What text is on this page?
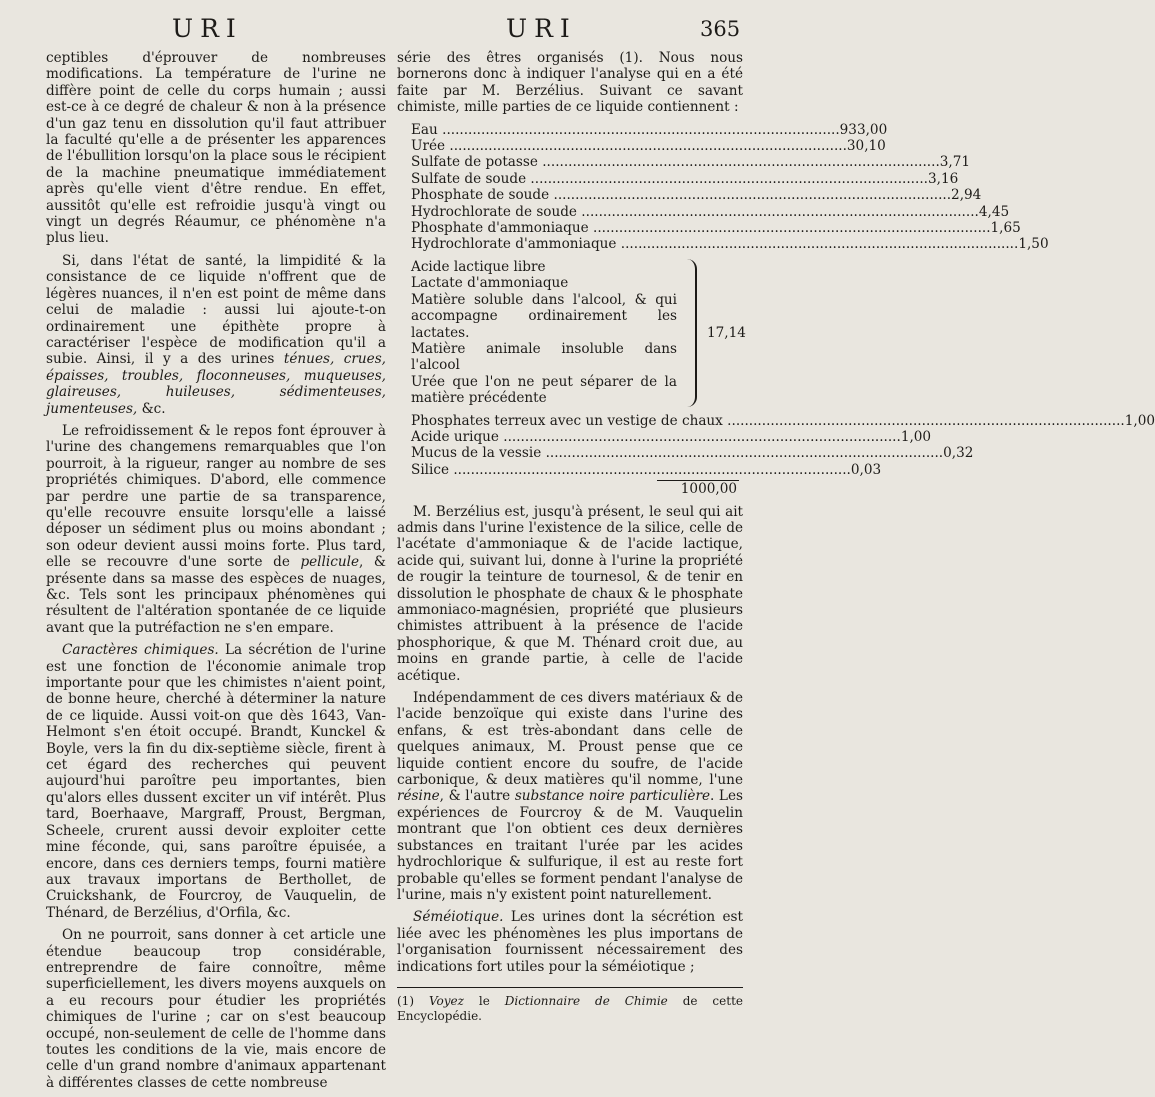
URI	URI	365

ceptibles d'éprouver de nombreuses modifications. La température de l'urine ne diffère point de celle du corps humain ; aussi est-ce à ce degré de chaleur & non à la présence d'un gaz tenu en dissolution qu'il faut attribuer la faculté qu'elle a de présenter les apparences de l'ébullition lorsqu'on la place sous le récipient de la machine pneumatique immédiatement après qu'elle vient d'être rendue. En effet, aussitôt qu'elle est refroidie jusqu'à vingt ou vingt un degrés Réaumur, ce phénomène n'a plus lieu.

Si, dans l'état de santé, la limpidité & la consistance de ce liquide n'offrent que de légères nuances, il n'en est point de même dans celui de maladie : aussi lui ajoute-t-on ordinairement une épithète propre à caractériser l'espèce de modification qu'il a subie. Ainsi, il y a des urines ténues, crues, épaisses, troubles, floconneuses, muqueuses, glaireuses, huileuses, sédimenteuses, jumenteuses, &c.

Le refroidissement & le repos font éprouver à l'urine des changemens remarquables que l'on pourroit, à la rigueur, ranger au nombre de ses propriétés chimiques. D'abord, elle commence par perdre une partie de sa transparence, qu'elle recouvre ensuite lorsqu'elle a laissé déposer un sédiment plus ou moins abondant ; son odeur devient aussi moins forte. Plus tard, elle se recouvre d'une sorte de pellicule, & présente dans sa masse des espèces de nuages, &c. Tels sont les principaux phénomènes qui résultent de l'altération spontanée de ce liquide avant que la putréfaction ne s'en empare.

Caractères chimiques. La sécrétion de l'urine est une fonction de l'économie animale trop importante pour que les chimistes n'aient point, de bonne heure, cherché à déterminer la nature de ce liquide. Aussi voit-on que dès 1643, Van-Helmont s'en étoit occupé. Brandt, Kunckel & Boyle, vers la fin du dix-septième siècle, firent à cet égard des recherches qui peuvent aujourd'hui paroître peu importantes, bien qu'alors elles dussent exciter un vif intérêt. Plus tard, Boerhaave, Margraff, Proust, Bergman, Scheele, crurent aussi devoir exploiter cette mine féconde, qui, sans paroître épuisée, a encore, dans ces derniers temps, fourni matière aux travaux importans de Berthollet, de Cruickshank, de Fourcroy, de Vauquelin, de Thénard, de Berzélius, d'Orfila, &c.

On ne pourroit, sans donner à cet article une étendue beaucoup trop considérable, entreprendre de faire connoître, même superficiellement, les divers moyens auxquels on a eu recours pour étudier les propriétés chimiques de l'urine ; car on s'est beaucoup occupé, non-seulement de celle de l'homme dans toutes les conditions de la vie, mais encore de celle d'un grand nombre d'animaux appartenant à différentes classes de cette nombreuse

série des êtres organisés (1). Nous nous bornerons donc à indiquer l'analyse qui en a été faite par M. Berzélius. Suivant ce savant chimiste, mille parties de ce liquide contiennent :

Eau .....	933,00
Urée .....	30,10
Sulfate de potasse .....	3,71
Sulfate de soude .....	3,16
Phosphate de soude .....	2,94
Hydrochlorate de soude .....	4,45
Phosphate d'ammoniaque .....	1,65
Hydrochlorate d'ammoniaque .....	1,50
Acide lactique libre
Lactate d'ammoniaque
Matière soluble dans l'alcool, & qui accompagne ordinairement les lactates.
Matière animale insoluble dans l'alcool
Urée que l'on ne peut séparer de la matière précédente
17,14
Phosphates terreux avec un vestige de chaux .....	1,00
Acide urique .....	1,00
Mucus de la vessie .....	0,32
Silice .....	0,03
1000,00

M. Berzélius est, jusqu'à présent, le seul qui ait admis dans l'urine l'existence de la silice, celle de l'acétate d'ammoniaque & de l'acide lactique, acide qui, suivant lui, donne à l'urine la propriété de rougir la teinture de tournesol, & de tenir en dissolution le phosphate de chaux & le phosphate ammoniaco-magnésien, propriété que plusieurs chimistes attribuent à la présence de l'acide phosphorique, & que M. Thénard croit due, au moins en grande partie, à celle de l'acide acétique.

Indépendamment de ces divers matériaux & de l'acide benzoïque qui existe dans l'urine des enfans, & est très-abondant dans celle de quelques animaux, M. Proust pense que ce liquide contient encore du soufre, de l'acide carbonique, & deux matières qu'il nomme, l'une résine, & l'autre substance noire particulière. Les expériences de Fourcroy & de M. Vauquelin montrant que l'on obtient ces deux dernières substances en traitant l'urée par les acides hydrochlorique & sulfurique, il est au reste fort probable qu'elles se forment pendant l'analyse de l'urine, mais n'y existent point naturellement.

Séméiotique. Les urines dont la sécrétion est liée avec les phénomènes les plus importans de l'organisation fournissent nécessairement des indications fort utiles pour la séméiotique ;

(1) Voyez le Dictionnaire de Chimie de cette Encyclopédie.
